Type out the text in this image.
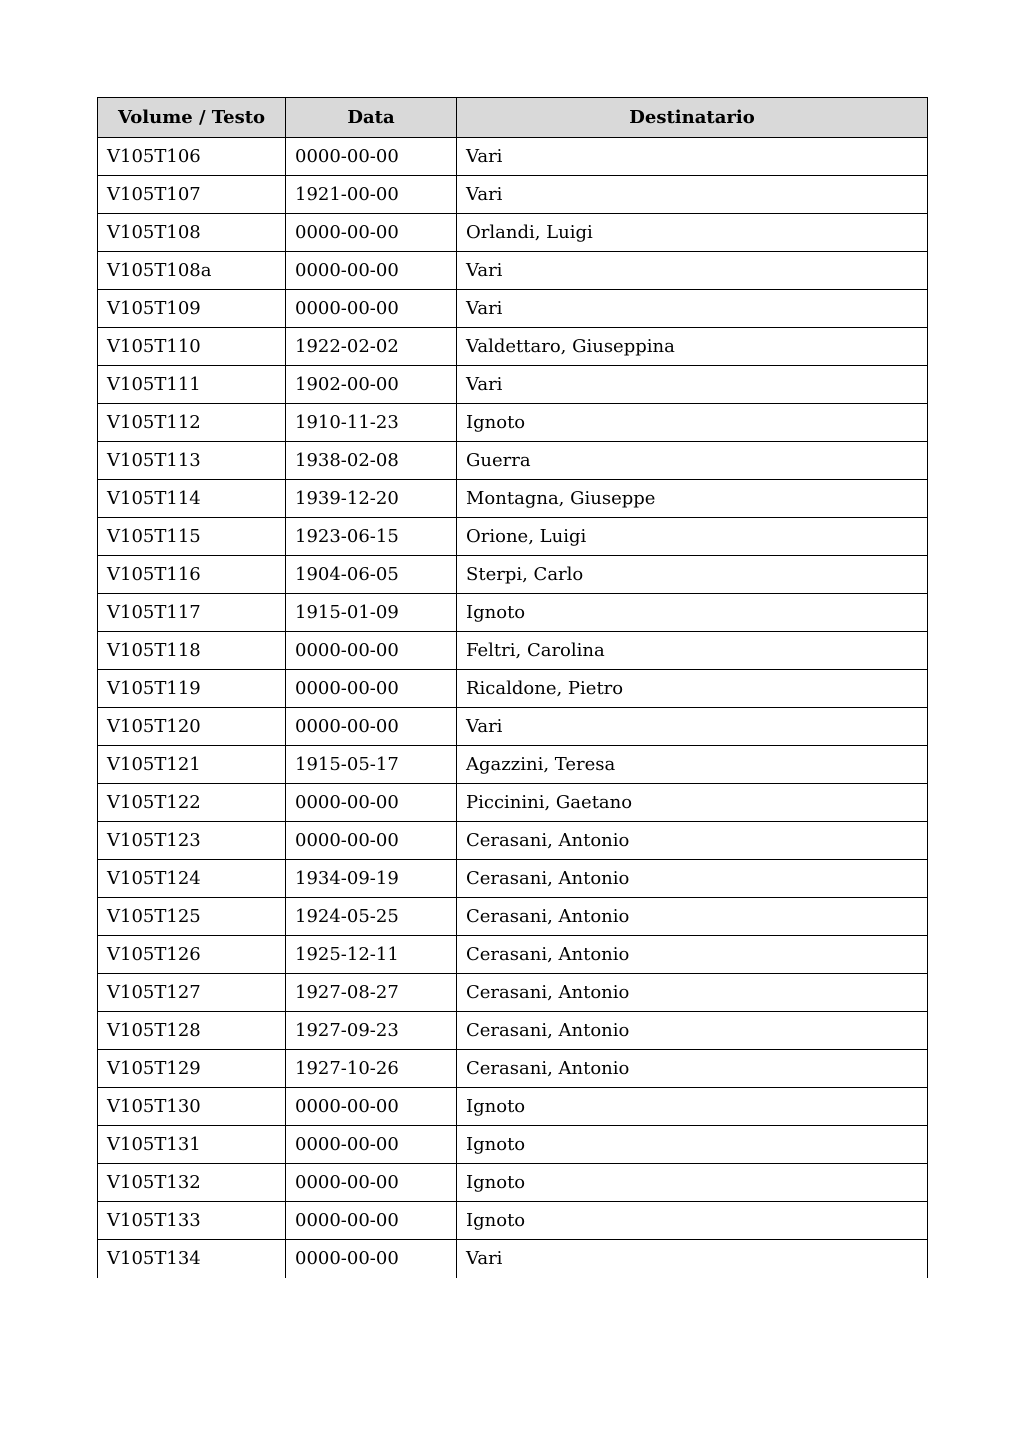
Volume / Testo	Data	Destinatario
V105T106	0000-00-00	Vari
V105T107	1921-00-00	Vari
V105T108	0000-00-00	Orlandi, Luigi
V105T108a	0000-00-00	Vari
V105T109	0000-00-00	Vari
V105T110	1922-02-02	Valdettaro, Giuseppina
V105T111	1902-00-00	Vari
V105T112	1910-11-23	Ignoto
V105T113	1938-02-08	Guerra
V105T114	1939-12-20	Montagna, Giuseppe
V105T115	1923-06-15	Orione, Luigi
V105T116	1904-06-05	Sterpi, Carlo
V105T117	1915-01-09	Ignoto
V105T118	0000-00-00	Feltri, Carolina
V105T119	0000-00-00	Ricaldone, Pietro
V105T120	0000-00-00	Vari
V105T121	1915-05-17	Agazzini, Teresa
V105T122	0000-00-00	Piccinini, Gaetano
V105T123	0000-00-00	Cerasani, Antonio
V105T124	1934-09-19	Cerasani, Antonio
V105T125	1924-05-25	Cerasani, Antonio
V105T126	1925-12-11	Cerasani, Antonio
V105T127	1927-08-27	Cerasani, Antonio
V105T128	1927-09-23	Cerasani, Antonio
V105T129	1927-10-26	Cerasani, Antonio
V105T130	0000-00-00	Ignoto
V105T131	0000-00-00	Ignoto
V105T132	0000-00-00	Ignoto
V105T133	0000-00-00	Ignoto
V105T134	0000-00-00	Vari
